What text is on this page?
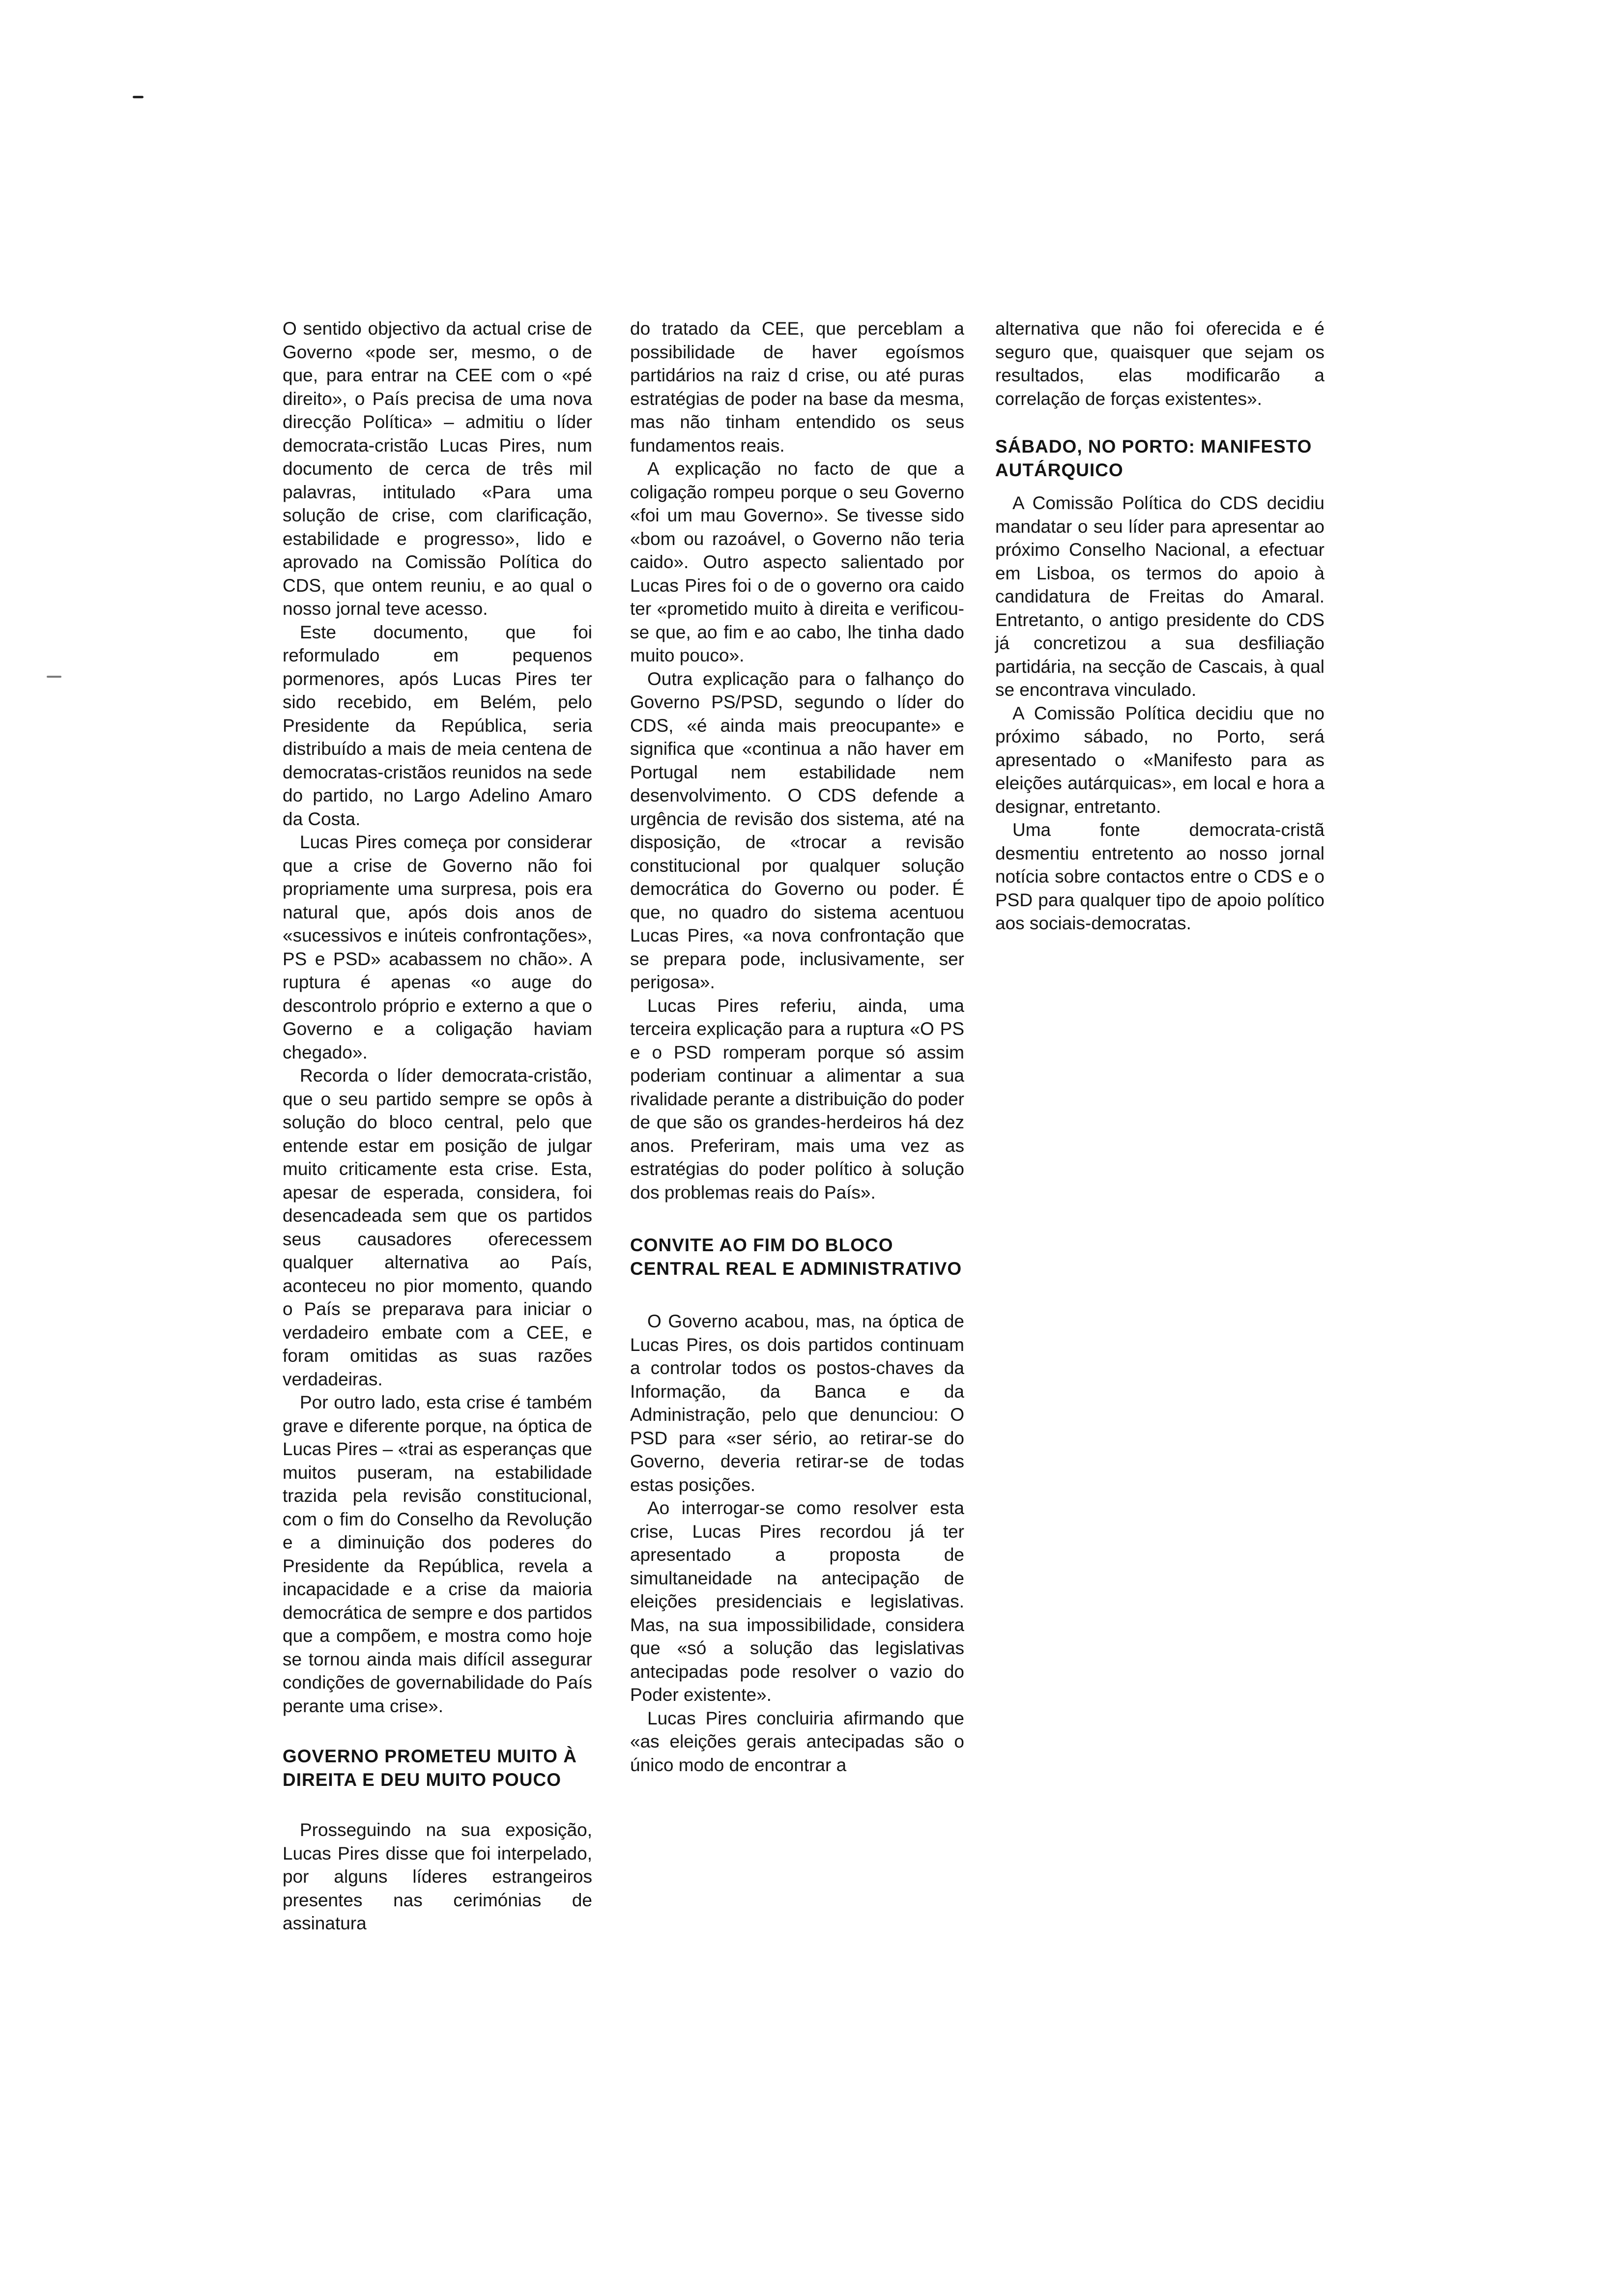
O sentido objectivo da actual crise de Governo «pode ser, mesmo, o de que, para entrar na CEE com o «pé direito», o País precisa de uma nova direcção Política» – admitiu o líder democrata-cristão Lucas Pires, num documento de cerca de três mil palavras, intitulado «Para uma solução de crise, com clarificação, estabilidade e progresso», lido e aprovado na Comissão Política do CDS, que ontem reuniu, e ao qual o nosso jornal teve acesso.

Este documento, que foi reformulado em pequenos pormenores, após Lucas Pires ter sido recebido, em Belém, pelo Presidente da República, seria distribuído a mais de meia centena de democratas-cristãos reunidos na sede do partido, no Largo Adelino Amaro da Costa.

Lucas Pires começa por considerar que a crise de Governo não foi propriamente uma surpresa, pois era natural que, após dois anos de «sucessivos e inúteis confrontações», PS e PSD» acabassem no chão». A ruptura é apenas «o auge do descontrolo próprio e externo a que o Governo e a coligação haviam chegado».

Recorda o líder democrata-cristão, que o seu partido sempre se opôs à solução do bloco central, pelo que entende estar em posição de julgar muito criticamente esta crise. Esta, apesar de esperada, considera, foi desencadeada sem que os partidos seus causadores oferecessem qualquer alternativa ao País, aconteceu no pior momento, quando o País se preparava para iniciar o verdadeiro embate com a CEE, e foram omitidas as suas razões verdadeiras.

Por outro lado, esta crise é também grave e diferente porque, na óptica de Lucas Pires – «trai as esperanças que muitos puseram, na estabilidade trazida pela revisão constitucional, com o fim do Conselho da Revolução e a diminuição dos poderes do Presidente da República, revela a incapacidade e a crise da maioria democrática de sempre e dos partidos que a compõem, e mostra como hoje se tornou ainda mais difícil assegurar condições de governabilidade do País perante uma crise».

GOVERNO PROMETEU MUITO À DIREITA E DEU MUITO POUCO

Prosseguindo na sua exposição, Lucas Pires disse que foi interpelado, por alguns líderes estrangeiros presentes nas cerimónias de assinatura

do tratado da CEE, que perceblam a possibilidade de haver egoísmos partidários na raiz d crise, ou até puras estratégias de poder na base da mesma, mas não tinham entendido os seus fundamentos reais.

A explicação no facto de que a coligação rompeu porque o seu Governo «foi um mau Governo». Se tivesse sido «bom ou razoável, o Governo não teria caido». Outro aspecto salientado por Lucas Pires foi o de o governo ora caido ter «prometido muito à direita e verificou-se que, ao fim e ao cabo, lhe tinha dado muito pouco».

Outra explicação para o falhanço do Governo PS/PSD, segundo o líder do CDS, «é ainda mais preocupante» e significa que «continua a não haver em Portugal nem estabilidade nem desenvolvimento. O CDS defende a urgência de revisão dos sistema, até na disposição, de «trocar a revisão constitucional por qualquer solução democrática do Governo ou poder. É que, no quadro do sistema acentuou Lucas Pires, «a nova confrontação que se prepara pode, inclusivamente, ser perigosa».

Lucas Pires referiu, ainda, uma terceira explicação para a ruptura «O PS e o PSD romperam porque só assim poderiam continuar a alimentar a sua rivalidade perante a distribuição do poder de que são os grandes-herdeiros há dez anos. Preferiram, mais uma vez as estratégias do poder político à solução dos problemas reais do País».

CONVITE AO FIM DO BLOCO CENTRAL REAL E ADMINISTRATIVO

O Governo acabou, mas, na óptica de Lucas Pires, os dois partidos continuam a controlar todos os postos-chaves da Informação, da Banca e da Administração, pelo que denunciou: O PSD para «ser sério, ao retirar-se do Governo, deveria retirar-se de todas estas posições.

Ao interrogar-se como resolver esta crise, Lucas Pires recordou já ter apresentado a proposta de simultaneidade na antecipação de eleições presidenciais e legislativas. Mas, na sua impossibilidade, considera que «só a solução das legislativas antecipadas pode resolver o vazio do Poder existente».

Lucas Pires concluiria afirmando que «as eleições gerais antecipadas são o único modo de encontrar a

alternativa que não foi oferecida e é seguro que, quaisquer que sejam os resultados, elas modificarão a correlação de forças existentes».

SÁBADO, NO PORTO: MANIFESTO AUTÁRQUICO

A Comissão Política do CDS decidiu mandatar o seu líder para apresentar ao próximo Conselho Nacional, a efectuar em Lisboa, os termos do apoio à candidatura de Freitas do Amaral. Entretanto, o antigo presidente do CDS já concretizou a sua desfiliação partidária, na secção de Cascais, à qual se encontrava vinculado.

A Comissão Política decidiu que no próximo sábado, no Porto, será apresentado o «Manifesto para as eleições autárquicas», em local e hora a designar, entretanto.

Uma fonte democrata-cristã desmentiu entretento ao nosso jornal notícia sobre contactos entre o CDS e o PSD para qualquer tipo de apoio político aos sociais-democratas.
